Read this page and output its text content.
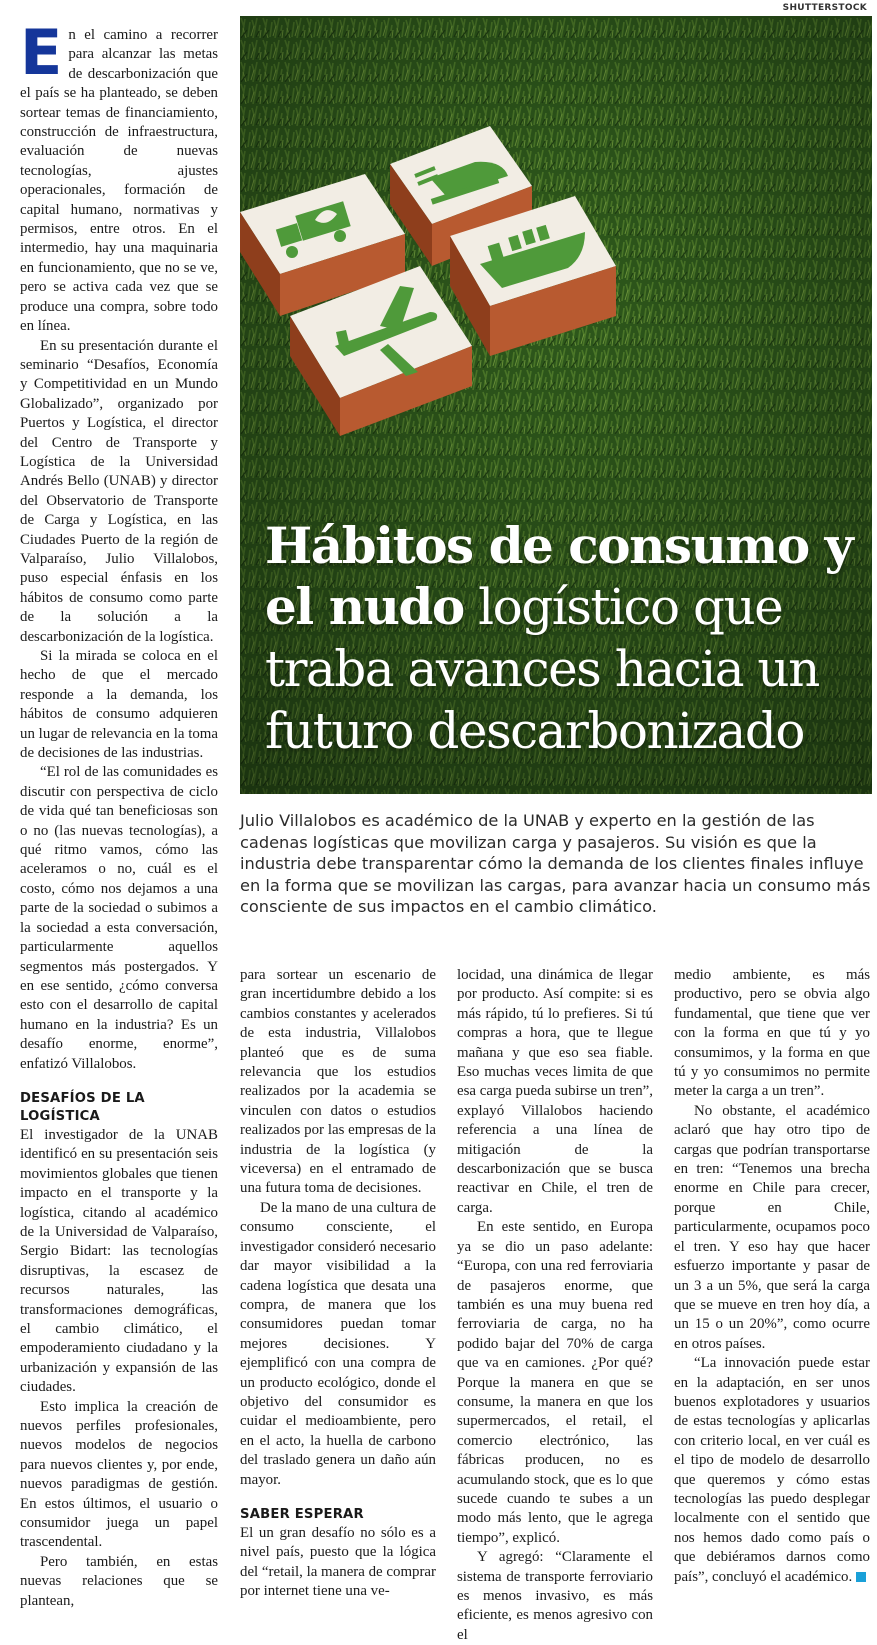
SHUTTERSTOCK
Hábitos de consumo y el nudo logístico que traba avances hacia un futuro descarbonizado

Julio Villalobos es académico de la UNAB y experto en la gestión de las cadenas logísticas que movilizan carga y pasajeros. Su visión es que la industria debe transparentar cómo la demanda de los clientes finales influye en la forma que se movilizan las cargas, para avanzar hacia un consumo más consciente de sus impactos en el cambio climático.

En el camino a recorrer para alcanzar las metas de descarbonización que el país se ha planteado, se deben sortear temas de financiamiento, construcción de infraestructura, evaluación de nuevas tecnologías, ajustes operacionales, formación de capital humano, normativas y permisos, entre otros. En el intermedio, hay una maquinaria en funcionamiento, que no se ve, pero se activa cada vez que se produce una compra, sobre todo en línea.

En su presentación durante el seminario “Desafíos, Economía y Competitividad en un Mundo Globalizado”, organizado por Puertos y Logística, el director del Centro de Transporte y Logística de la Universidad Andrés Bello (UNAB) y director del Observatorio de Transporte de Carga y Logística, en las Ciudades Puerto de la región de Valparaíso, Julio Villalobos, puso especial énfasis en los hábitos de consumo como parte de la solución a la descarbonización de la logística.

Si la mirada se coloca en el hecho de que el mercado responde a la demanda, los hábitos de consumo adquieren un lugar de relevancia en la toma de decisiones de las industrias.

“El rol de las comunidades es discutir con perspectiva de ciclo de vida qué tan beneficiosas son o no (las nuevas tecnologías), a qué ritmo vamos, cómo las aceleramos o no, cuál es el costo, cómo nos dejamos a una parte de la sociedad o subimos a la sociedad a esta conversación, particularmente aquellos segmentos más postergados. Y en ese sentido, ¿cómo conversa esto con el desarrollo de capital humano en la industria? Es un desafío enorme, enorme”, enfatizó Villalobos.

DESAFÍOS DE LA LOGÍSTICA

El investigador de la UNAB identificó en su presentación seis movimientos globales que tienen impacto en el transporte y la logística, citando al académico de la Universidad de Valparaíso, Sergio Bidart: las tecnologías disruptivas, la escasez de recursos naturales, las transformaciones demográficas, el cambio climático, el empoderamiento ciudadano y la urbanización y expansión de las ciudades.

Esto implica la creación de nuevos perfiles profesionales, nuevos modelos de negocios para nuevos clientes y, por ende, nuevos paradigmas de gestión. En estos últimos, el usuario o consumidor juega un papel trascendental.

Pero también, en estas nuevas relaciones que se plantean,

para sortear un escenario de gran incertidumbre debido a los cambios constantes y acelerados de esta industria, Villalobos planteó que es de suma relevancia que los estudios realizados por la academia se vinculen con datos o estudios realizados por las empresas de la industria de la logística (y viceversa) en el entramado de una futura toma de decisiones.

De la mano de una cultura de consumo consciente, el investigador consideró necesario dar mayor visibilidad a la cadena logística que desata una compra, de manera que los consumidores puedan tomar mejores decisiones. Y ejemplificó con una compra de un producto ecológico, donde el objetivo del consumidor es cuidar el medioambiente, pero en el acto, la huella de carbono del traslado genera un daño aún mayor.

SABER ESPERAR

El un gran desafío no sólo es a nivel país, puesto que la lógica del “retail, la manera de comprar por internet tiene una ve-

locidad, una dinámica de llegar por producto. Así compite: si es más rápido, tú lo prefieres. Si tú compras a hora, que te llegue mañana y que eso sea fiable. Eso muchas veces limita de que esa carga pueda subirse un tren”, explayó Villalobos haciendo referencia a una línea de mitigación de la descarbonización que se busca reactivar en Chile, el tren de carga.

En este sentido, en Europa ya se dio un paso adelante: “Europa, con una red ferroviaria de pasajeros enorme, que también es una muy buena red ferroviaria de carga, no ha podido bajar del 70% de carga que va en camiones. ¿Por qué? Porque la manera en que se consume, la manera en que los supermercados, el retail, el comercio electrónico, las fábricas producen, no es acumulando stock, que es lo que sucede cuando te subes a un modo más lento, que le agrega tiempo”, explicó.

Y agregó: “Claramente el sistema de transporte ferroviario es menos invasivo, es más eficiente, es menos agresivo con el

medio ambiente, es más productivo, pero se obvia algo fundamental, que tiene que ver con la forma en que tú y yo consumimos, y la forma en que tú y yo consumimos no permite meter la carga a un tren”.

No obstante, el académico aclaró que hay otro tipo de cargas que podrían transportarse en tren: “Tenemos una brecha enorme en Chile para crecer, porque en Chile, particularmente, ocupamos poco el tren. Y eso hay que hacer esfuerzo importante y pasar de un 3 a un 5%, que será la carga que se mueve en tren hoy día, a un 15 o un 20%”, como ocurre en otros países.

“La innovación puede estar en la adaptación, en ser unos buenos explotadores y usuarios de estas tecnologías y aplicarlas con criterio local, en ver cuál es el tipo de modelo de desarrollo que queremos y cómo estas tecnologías las puedo desplegar localmente con el sentido que nos hemos dado como país o que debiéramos darnos como país”, concluyó el académico.
